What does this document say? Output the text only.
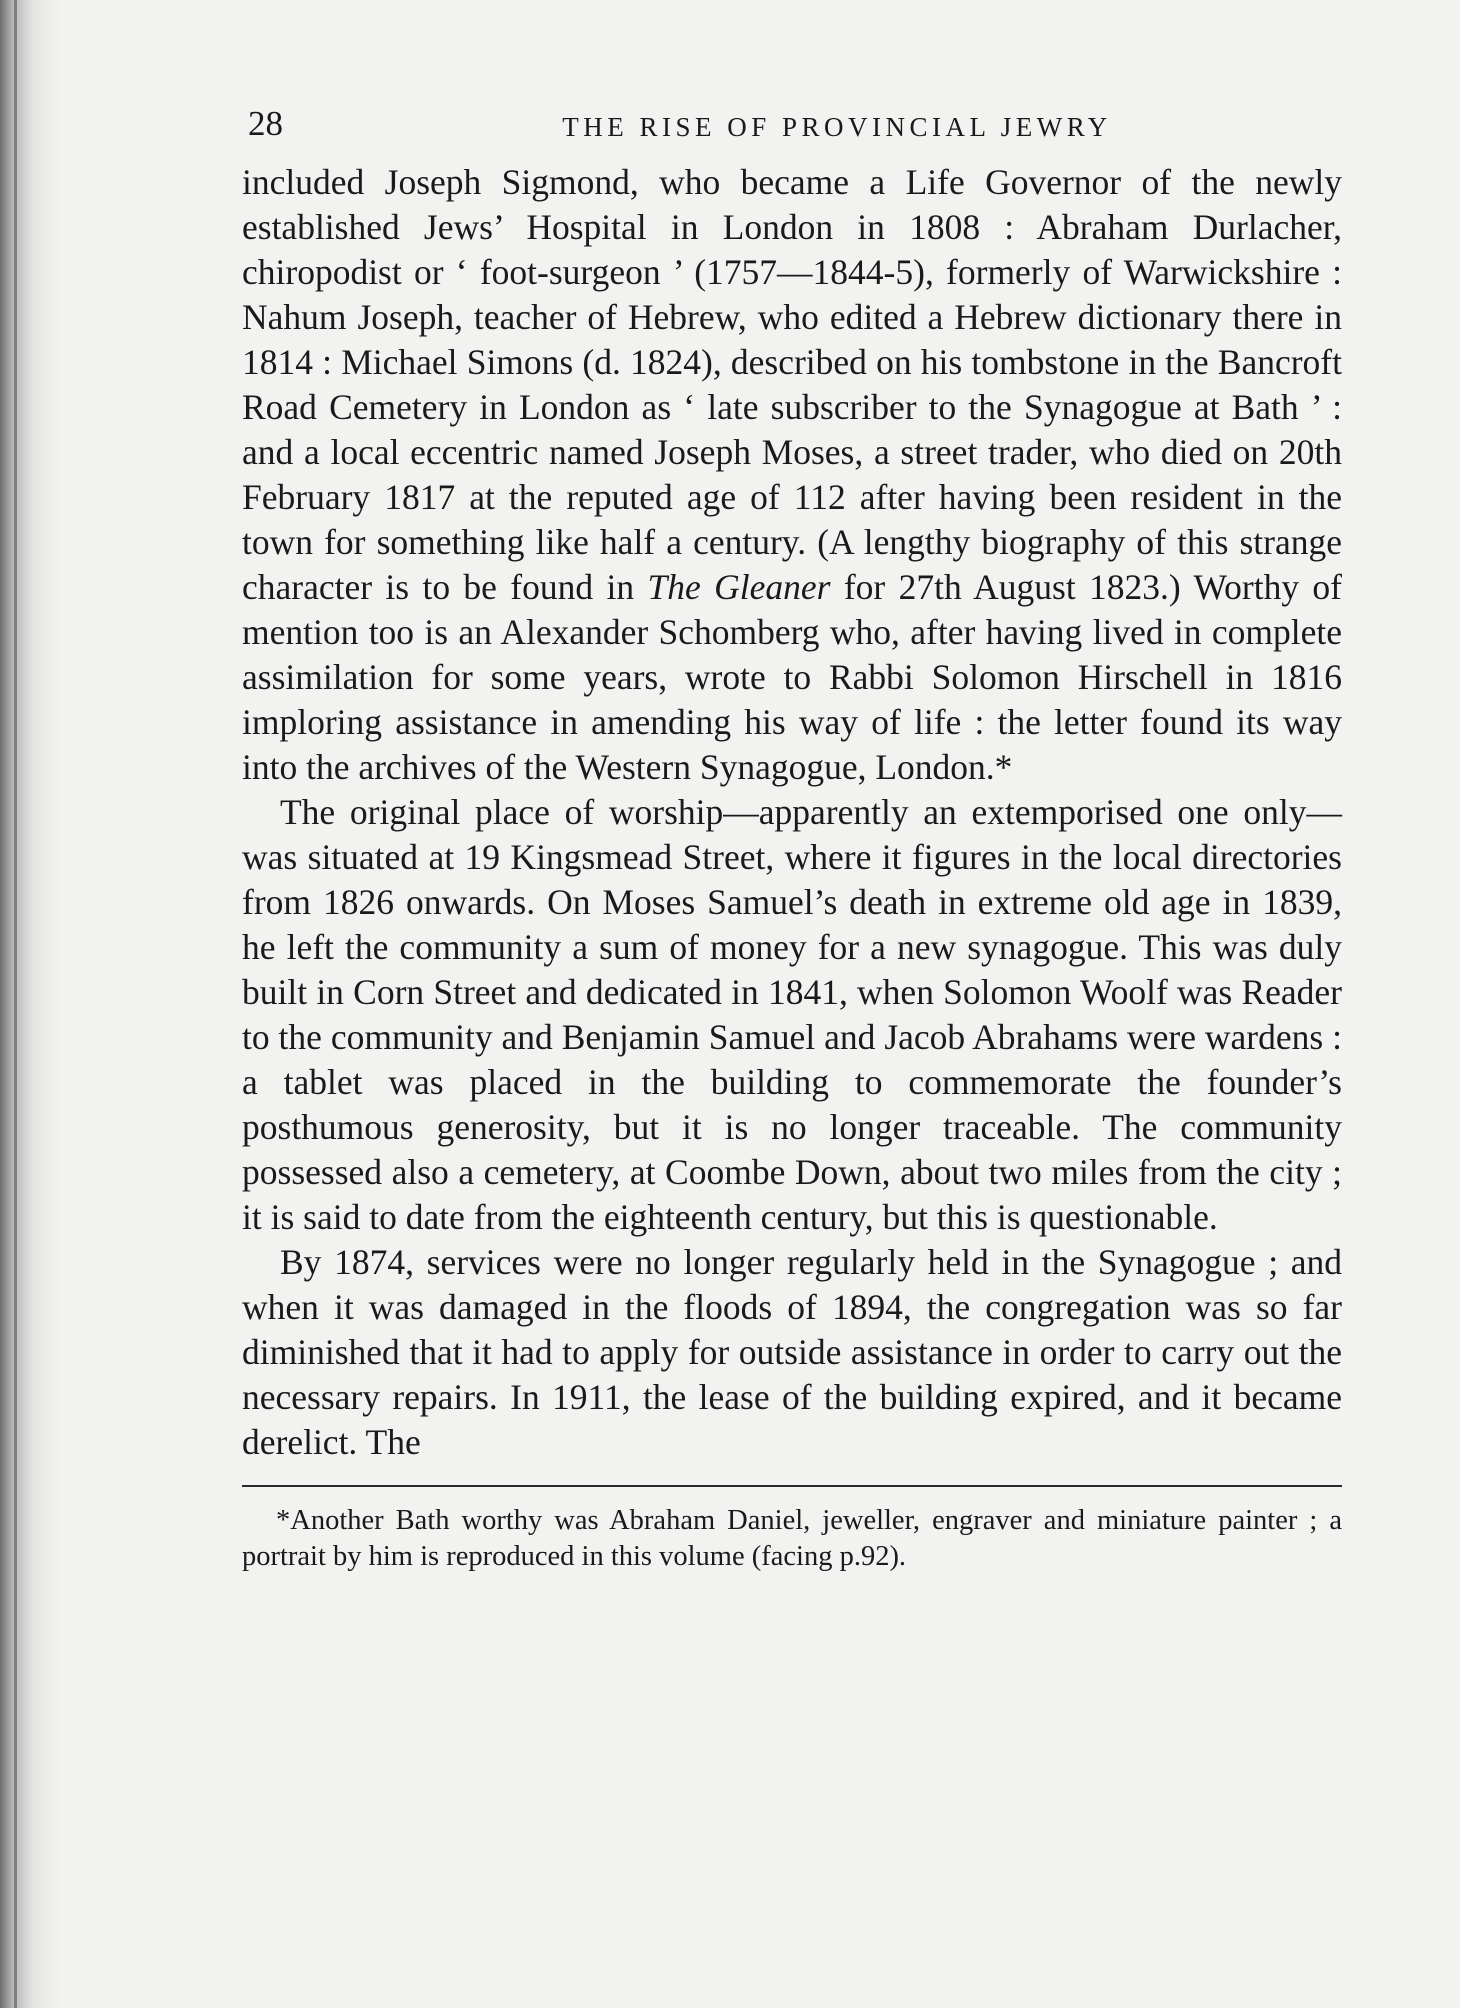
28	THE RISE OF PROVINCIAL JEWRY

included Joseph Sigmond, who became a Life Governor of the newly established Jews’ Hospital in London in 1808 : Abraham Durlacher, chiropodist or ‘ foot-surgeon ’ (1757—1844-5), formerly of Warwickshire : Nahum Joseph, teacher of Hebrew, who edited a Hebrew dictionary there in 1814 : Michael Simons (d. 1824), described on his tombstone in the Bancroft Road Cemetery in London as ‘ late subscriber to the Synagogue at Bath ’ : and a local eccentric named Joseph Moses, a street trader, who died on 20th February 1817 at the reputed age of 112 after having been resident in the town for something like half a century. (A lengthy biography of this strange character is to be found in The Gleaner for 27th August 1823.) Worthy of mention too is an Alexander Schomberg who, after having lived in complete assimilation for some years, wrote to Rabbi Solomon Hirschell in 1816 imploring assistance in amending his way of life : the letter found its way into the archives of the Western Synagogue, London.*

The original place of worship—apparently an extemporised one only—was situated at 19 Kingsmead Street, where it figures in the local directories from 1826 onwards. On Moses Samuel’s death in extreme old age in 1839, he left the community a sum of money for a new synagogue. This was duly built in Corn Street and dedicated in 1841, when Solomon Woolf was Reader to the community and Benjamin Samuel and Jacob Abrahams were wardens : a tablet was placed in the building to commemorate the founder’s posthumous generosity, but it is no longer traceable. The community possessed also a cemetery, at Coombe Down, about two miles from the city ; it is said to date from the eighteenth century, but this is questionable.

By 1874, services were no longer regularly held in the Synagogue ; and when it was damaged in the floods of 1894, the congregation was so far diminished that it had to apply for outside assistance in order to carry out the necessary repairs. In 1911, the lease of the building expired, and it became derelict. The

*Another Bath worthy was Abraham Daniel, jeweller, engraver and miniature painter ; a portrait by him is reproduced in this volume (facing p.92).
